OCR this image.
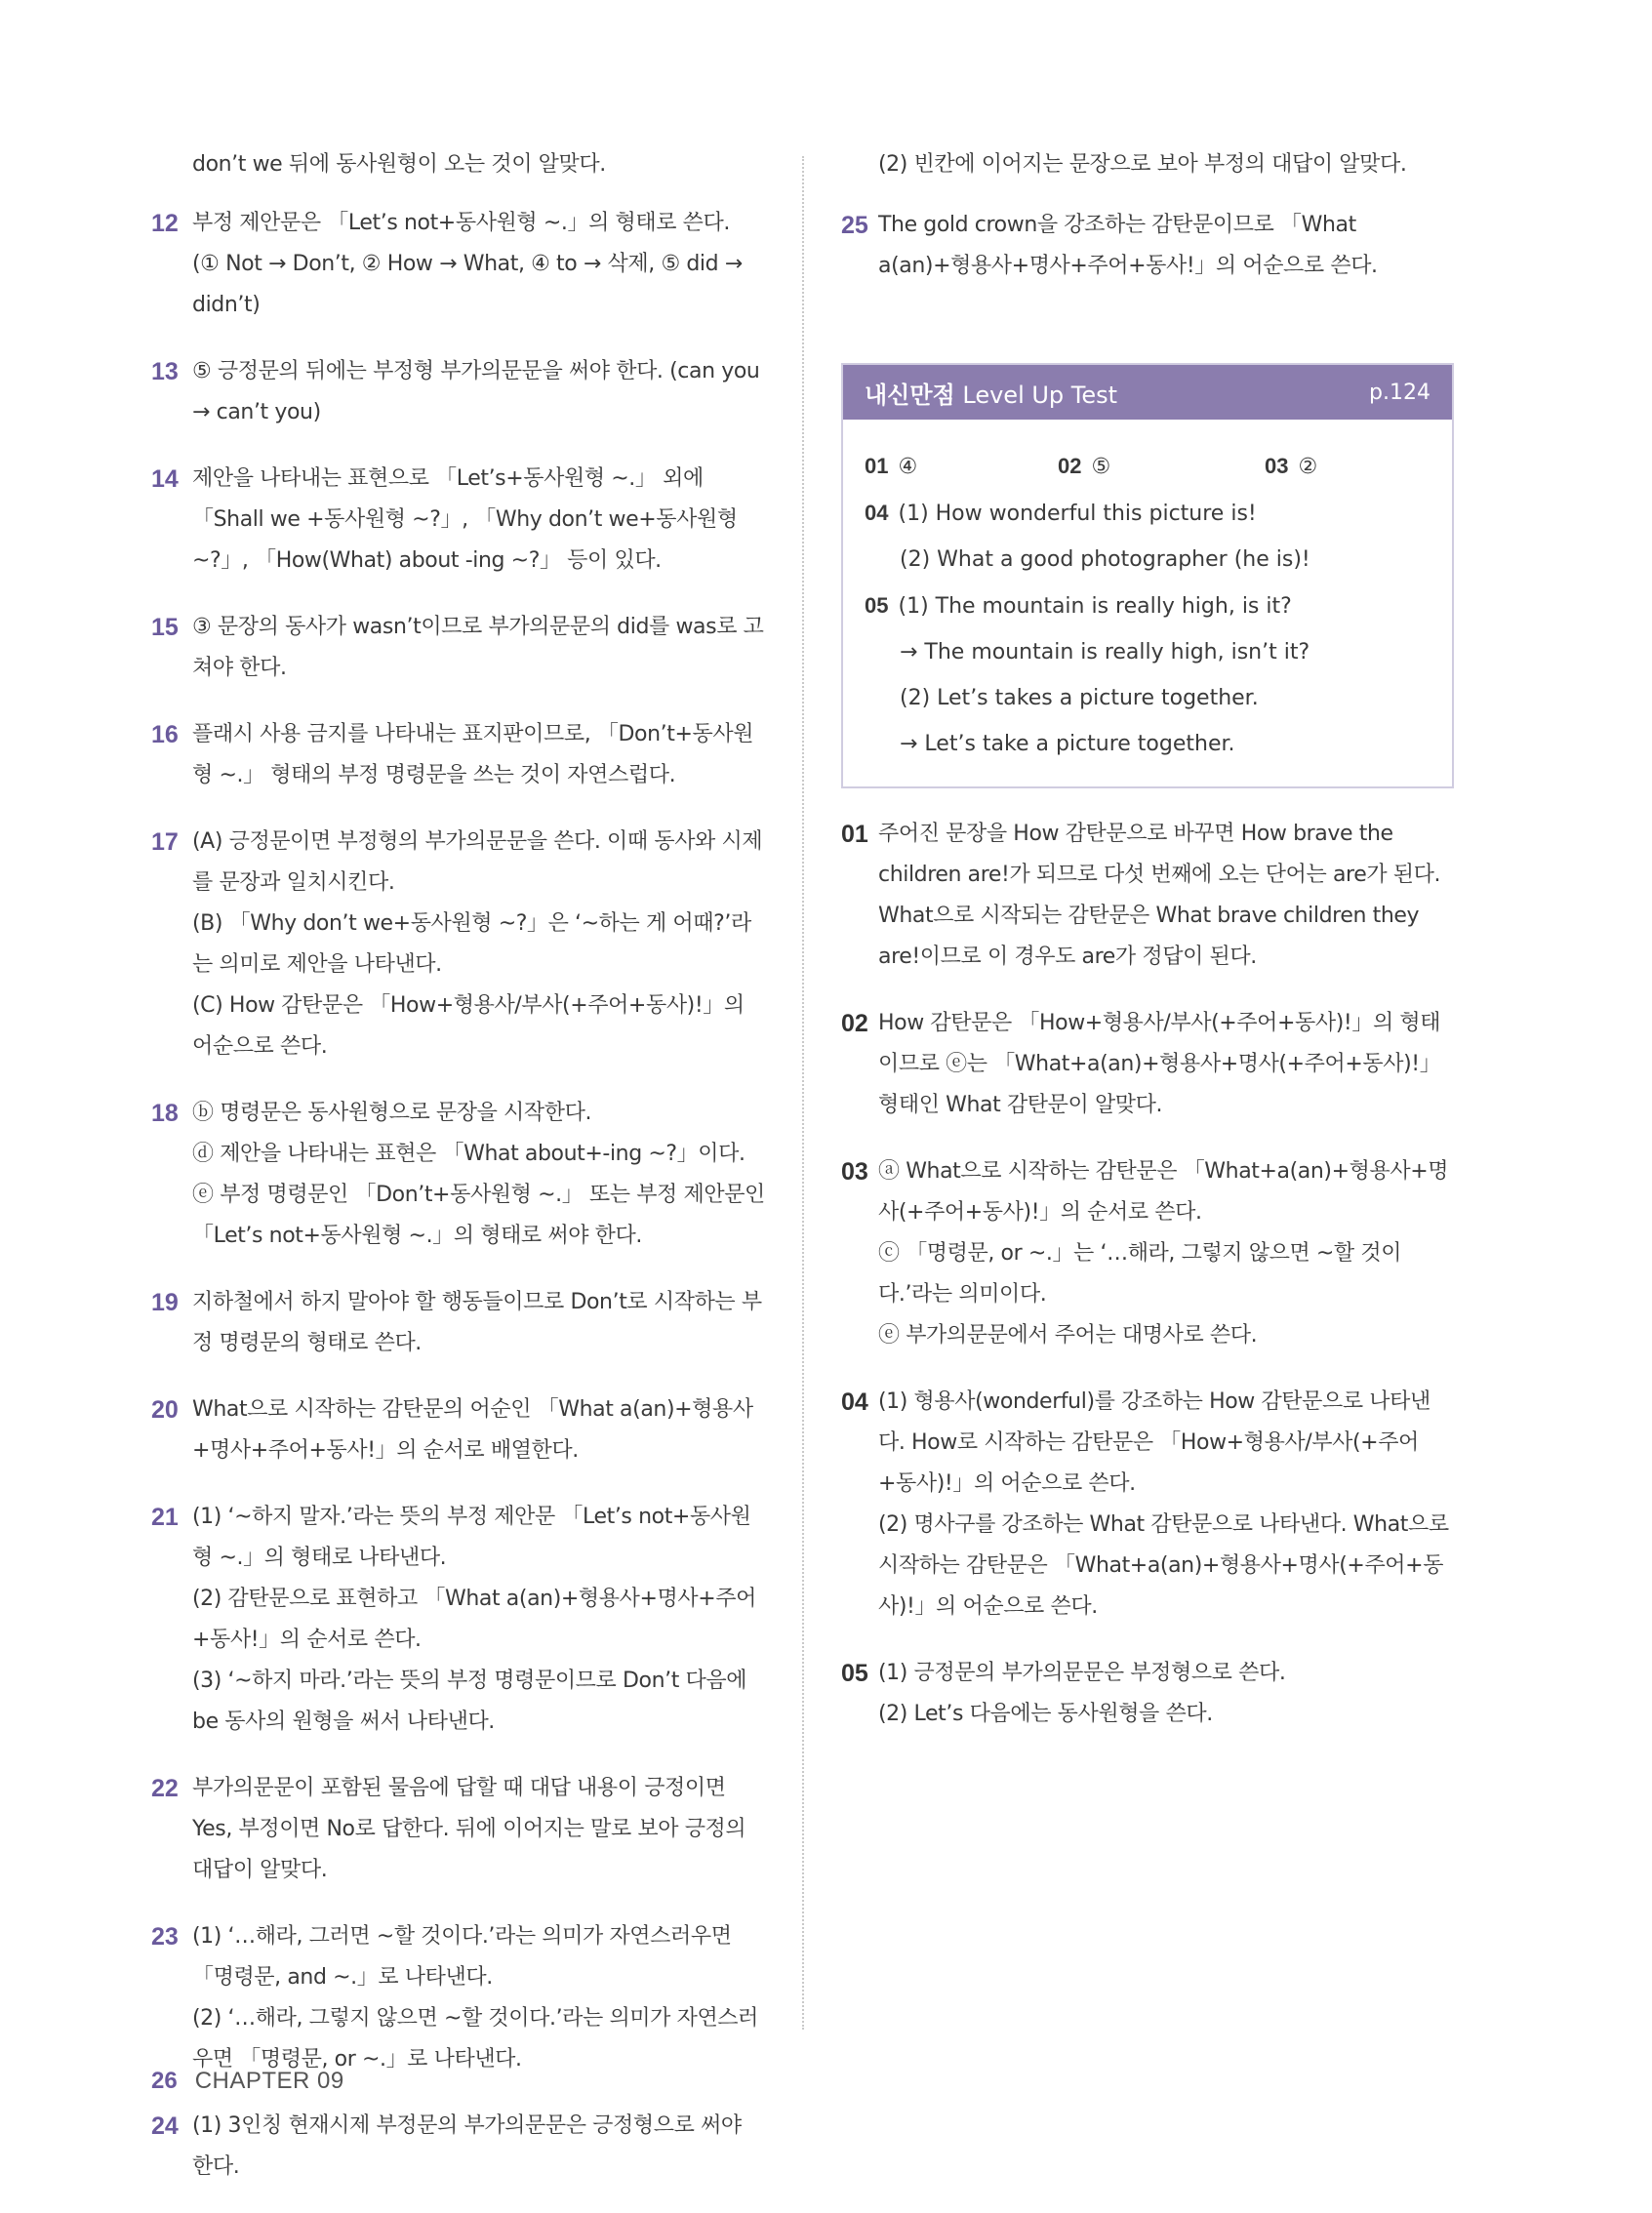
don’t we 뒤에 동사원형이 오는 것이 알맞다.
12 부정 제안문은 「Let’s not+동사원형 ~.」의 형태로 쓴다.

(① Not → Don’t, ② How → What, ④ to → 삭제, ⑤ did → didn’t)

13 ⑤ 긍정문의 뒤에는 부정형 부가의문문을 써야 한다. (can you → can’t you)

14 제안을 나타내는 표현으로 「Let’s+동사원형 ~.」 외에 「Shall we +동사원형 ~?」, 「Why don’t we+동사원형 ~?」, 「How(What) about -ing ~?」 등이 있다.

15 ③ 문장의 동사가 wasn’t이므로 부가의문문의 did를 was로 고쳐야 한다.

16 플래시 사용 금지를 나타내는 표지판이므로, 「Don’t+동사원형 ~.」 형태의 부정 명령문을 쓰는 것이 자연스럽다.

17 (A) 긍정문이면 부정형의 부가의문문을 쓴다. 이때 동사와 시제를 문장과 일치시킨다.

(B) 「Why don’t we+동사원형 ~?」은 ‘~하는 게 어때?’라는 의미로 제안을 나타낸다.

(C) How 감탄문은 「How+형용사/부사(+주어+동사)!」의 어순으로 쓴다.

18 ⓑ 명령문은 동사원형으로 문장을 시작한다.

ⓓ 제안을 나타내는 표현은 「What about+-ing ~?」이다.

ⓔ 부정 명령문인 「Don’t+동사원형 ~.」 또는 부정 제안문인 「Let’s not+동사원형 ~.」의 형태로 써야 한다.

19 지하철에서 하지 말아야 할 행동들이므로 Don’t로 시작하는 부정 명령문의 형태로 쓴다.

20 What으로 시작하는 감탄문의 어순인 「What a(an)+형용사+명사+주어+동사!」의 순서로 배열한다.

21 (1) ‘~하지 말자.’라는 뜻의 부정 제안문 「Let’s not+동사원형 ~.」의 형태로 나타낸다.

(2) 감탄문으로 표현하고 「What a(an)+형용사+명사+주어+동사!」의 순서로 쓴다.

(3) ‘~하지 마라.’라는 뜻의 부정 명령문이므로 Don’t 다음에 be 동사의 원형을 써서 나타낸다.

22 부가의문문이 포함된 물음에 답할 때 대답 내용이 긍정이면 Yes, 부정이면 No로 답한다. 뒤에 이어지는 말로 보아 긍정의 대답이 알맞다.

23 (1) ‘…해라, 그러면 ~할 것이다.’라는 의미가 자연스러우면 「명령문, and ~.」로 나타낸다.

(2) ‘…해라, 그렇지 않으면 ~할 것이다.’라는 의미가 자연스러우면 「명령문, or ~.」로 나타낸다.

24 (1) 3인칭 현재시제 부정문의 부가의문문은 긍정형으로 써야 한다.

(2) 빈칸에 이어지는 문장으로 보아 부정의 대답이 알맞다.
25 The gold crown을 강조하는 감탄문이므로 「What a(an)+형용사+명사+주어+동사!」의 어순으로 쓴다.

내신만점 Level Up Test	p.124
01 ④	02 ⑤	03 ②
04 (1) How wonderful this picture is!
(2) What a good photographer (he is)!
05 (1) The mountain is really high, is it?
→ The mountain is really high, isn’t it?
(2) Let’s takes a picture together.
→ Let’s take a picture together.
01 주어진 문장을 How 감탄문으로 바꾸면 How brave the children are!가 되므로 다섯 번째에 오는 단어는 are가 된다. What으로 시작되는 감탄문은 What brave children they are!이므로 이 경우도 are가 정답이 된다.

02 How 감탄문은 「How+형용사/부사(+주어+동사)!」의 형태이므로 ⓔ는 「What+a(an)+형용사+명사(+주어+동사)!」 형태인 What 감탄문이 알맞다.

03 ⓐ What으로 시작하는 감탄문은 「What+a(an)+형용사+명사(+주어+동사)!」의 순서로 쓴다.

ⓒ 「명령문, or ~.」는 ‘…해라, 그렇지 않으면 ~할 것이다.’라는 의미이다.

ⓔ 부가의문문에서 주어는 대명사로 쓴다.

04 (1) 형용사(wonderful)를 강조하는 How 감탄문으로 나타낸다. How로 시작하는 감탄문은 「How+형용사/부사(+주어+동사)!」의 어순으로 쓴다.

(2) 명사구를 강조하는 What 감탄문으로 나타낸다. What으로 시작하는 감탄문은 「What+a(an)+형용사+명사(+주어+동사)!」의 어순으로 쓴다.

05 (1) 긍정문의 부가의문문은 부정형으로 쓴다.

(2) Let’s 다음에는 동사원형을 쓴다.

26 CHAPTER 09
